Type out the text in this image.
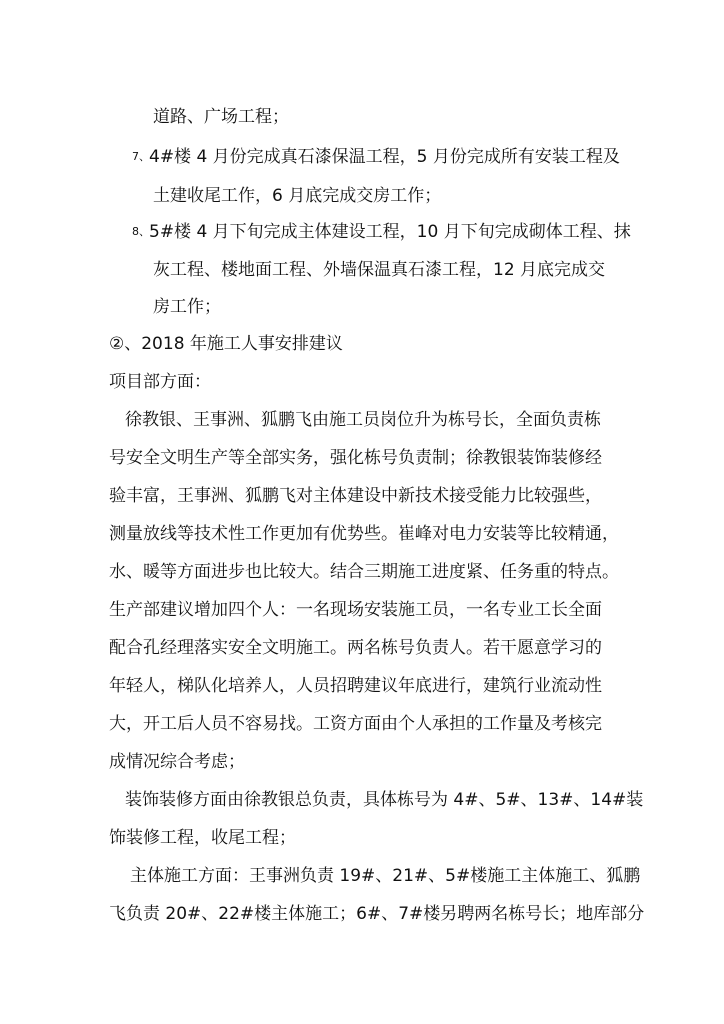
道路、广场工程；
7、 4#楼 4 月份完成真石漆保温工程，5 月份完成所有安装工程及
土建收尾工作，6 月底完成交房工作；
8、 5#楼 4 月下旬完成主体建设工程，10 月下旬完成砌体工程、抹
灰工程、楼地面工程、外墙保温真石漆工程，12 月底完成交
房工作；
②、2018 年施工人事安排建议
项目部方面：
徐教银、王事洲、狐鹏飞由施工员岗位升为栋号长，全面负责栋
号安全文明生产等全部实务，强化栋号负责制；徐教银装饰装修经
验丰富，王事洲、狐鹏飞对主体建设中新技术接受能力比较强些，
测量放线等技术性工作更加有优势些。崔峰对电力安装等比较精通，
水、暖等方面进步也比较大。结合三期施工进度紧、任务重的特点。
生产部建议增加四个人：一名现场安装施工员，一名专业工长全面
配合孔经理落实安全文明施工。两名栋号负责人。若干愿意学习的
年轻人，梯队化培养人，人员招聘建议年底进行，建筑行业流动性
大，开工后人员不容易找。工资方面由个人承担的工作量及考核完
成情况综合考虑；
装饰装修方面由徐教银总负责，具体栋号为 4#、5#、13#、14#装
饰装修工程，收尾工程；
主体施工方面：王事洲负责 19#、21#、5#楼施工主体施工、狐鹏
飞负责 20#、22#楼主体施工；6#、7#楼另聘两名栋号长；地库部分
